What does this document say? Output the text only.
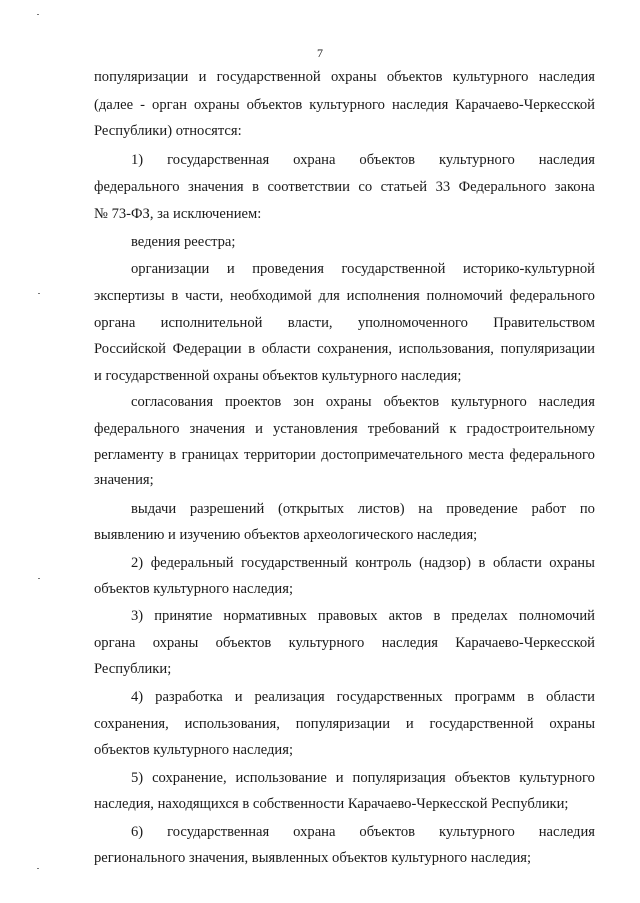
7
популяризации и государственной охраны объектов культурного наследия
(далее - орган охраны объектов культурного наследия Карачаево-Черкесской
Республики) относятся:
1) государственная охрана объектов культурного наследия
федерального значения в соответствии со статьей 33 Федерального закона
№ 73-ФЗ, за исключением:
ведения реестра;
организации и проведения государственной историко-культурной
экспертизы в части, необходимой для исполнения полномочий федерального
органа исполнительной власти, уполномоченного Правительством
Российской Федерации в области сохранения, использования, популяризации
и государственной охраны объектов культурного наследия;
согласования проектов зон охраны объектов культурного наследия
федерального значения и установления требований к градостроительному
регламенту в границах территории достопримечательного места федерального
значения;
выдачи разрешений (открытых листов) на проведение работ по
выявлению и изучению объектов археологического наследия;
2) федеральный государственный контроль (надзор) в области охраны
объектов культурного наследия;
3) принятие нормативных правовых актов в пределах полномочий
органа охраны объектов культурного наследия Карачаево-Черкесской
Республики;
4) разработка и реализация государственных программ в области
сохранения, использования, популяризации и государственной охраны
объектов культурного наследия;
5) сохранение, использование и популяризация объектов культурного
наследия, находящихся в собственности Карачаево-Черкесской Республики;
6) государственная охрана объектов культурного наследия
регионального значения, выявленных объектов культурного наследия;
